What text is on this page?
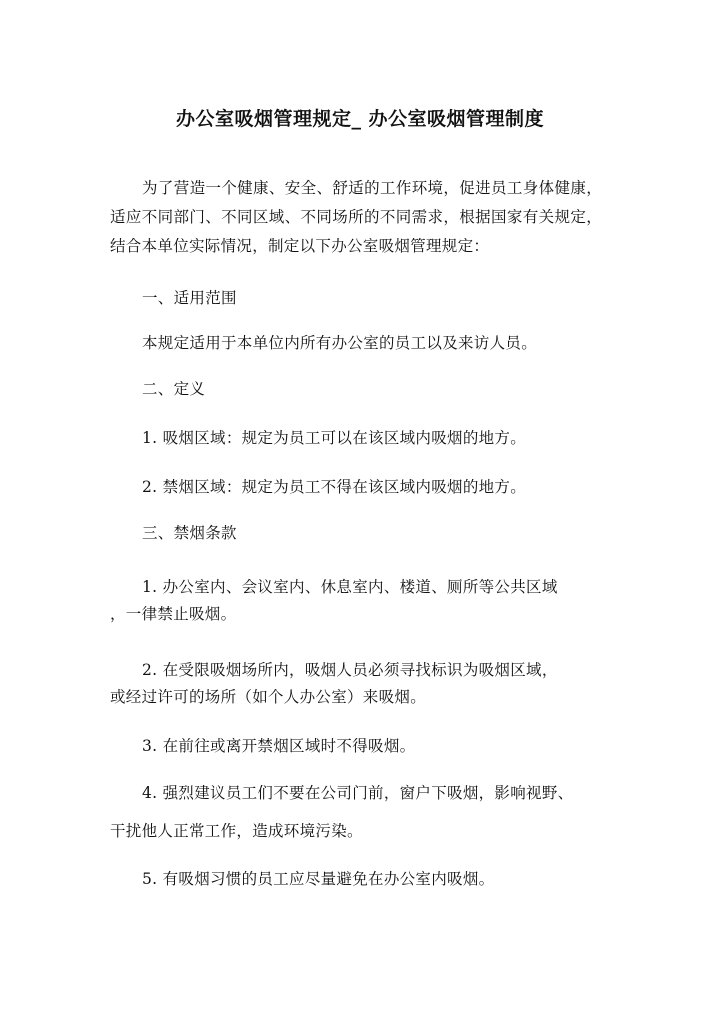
办公室吸烟管理规定_ 办公室吸烟管理制度
为了营造一个健康、安全、舒适的工作环境，促进员工身体健康，适应不同部门、不同区域、不同场所的不同需求，根据国家有关规定，结合本单位实际情况，制定以下办公室吸烟管理规定：
一、适用范围
本规定适用于本单位内所有办公室的员工以及来访人员。
二、定义
1. 吸烟区域：规定为员工可以在该区域内吸烟的地方。
2. 禁烟区域：规定为员工不得在该区域内吸烟的地方。
三、禁烟条款
1. 办公室内、会议室内、休息室内、楼道、厕所等公共区域
，一律禁止吸烟。
2. 在受限吸烟场所内，吸烟人员必须寻找标识为吸烟区域，
或经过许可的场所（如个人办公室）来吸烟。
3. 在前往或离开禁烟区域时不得吸烟。
4. 强烈建议员工们不要在公司门前，窗户下吸烟，影响视野、
干扰他人正常工作，造成环境污染。
5. 有吸烟习惯的员工应尽量避免在办公室内吸烟。
